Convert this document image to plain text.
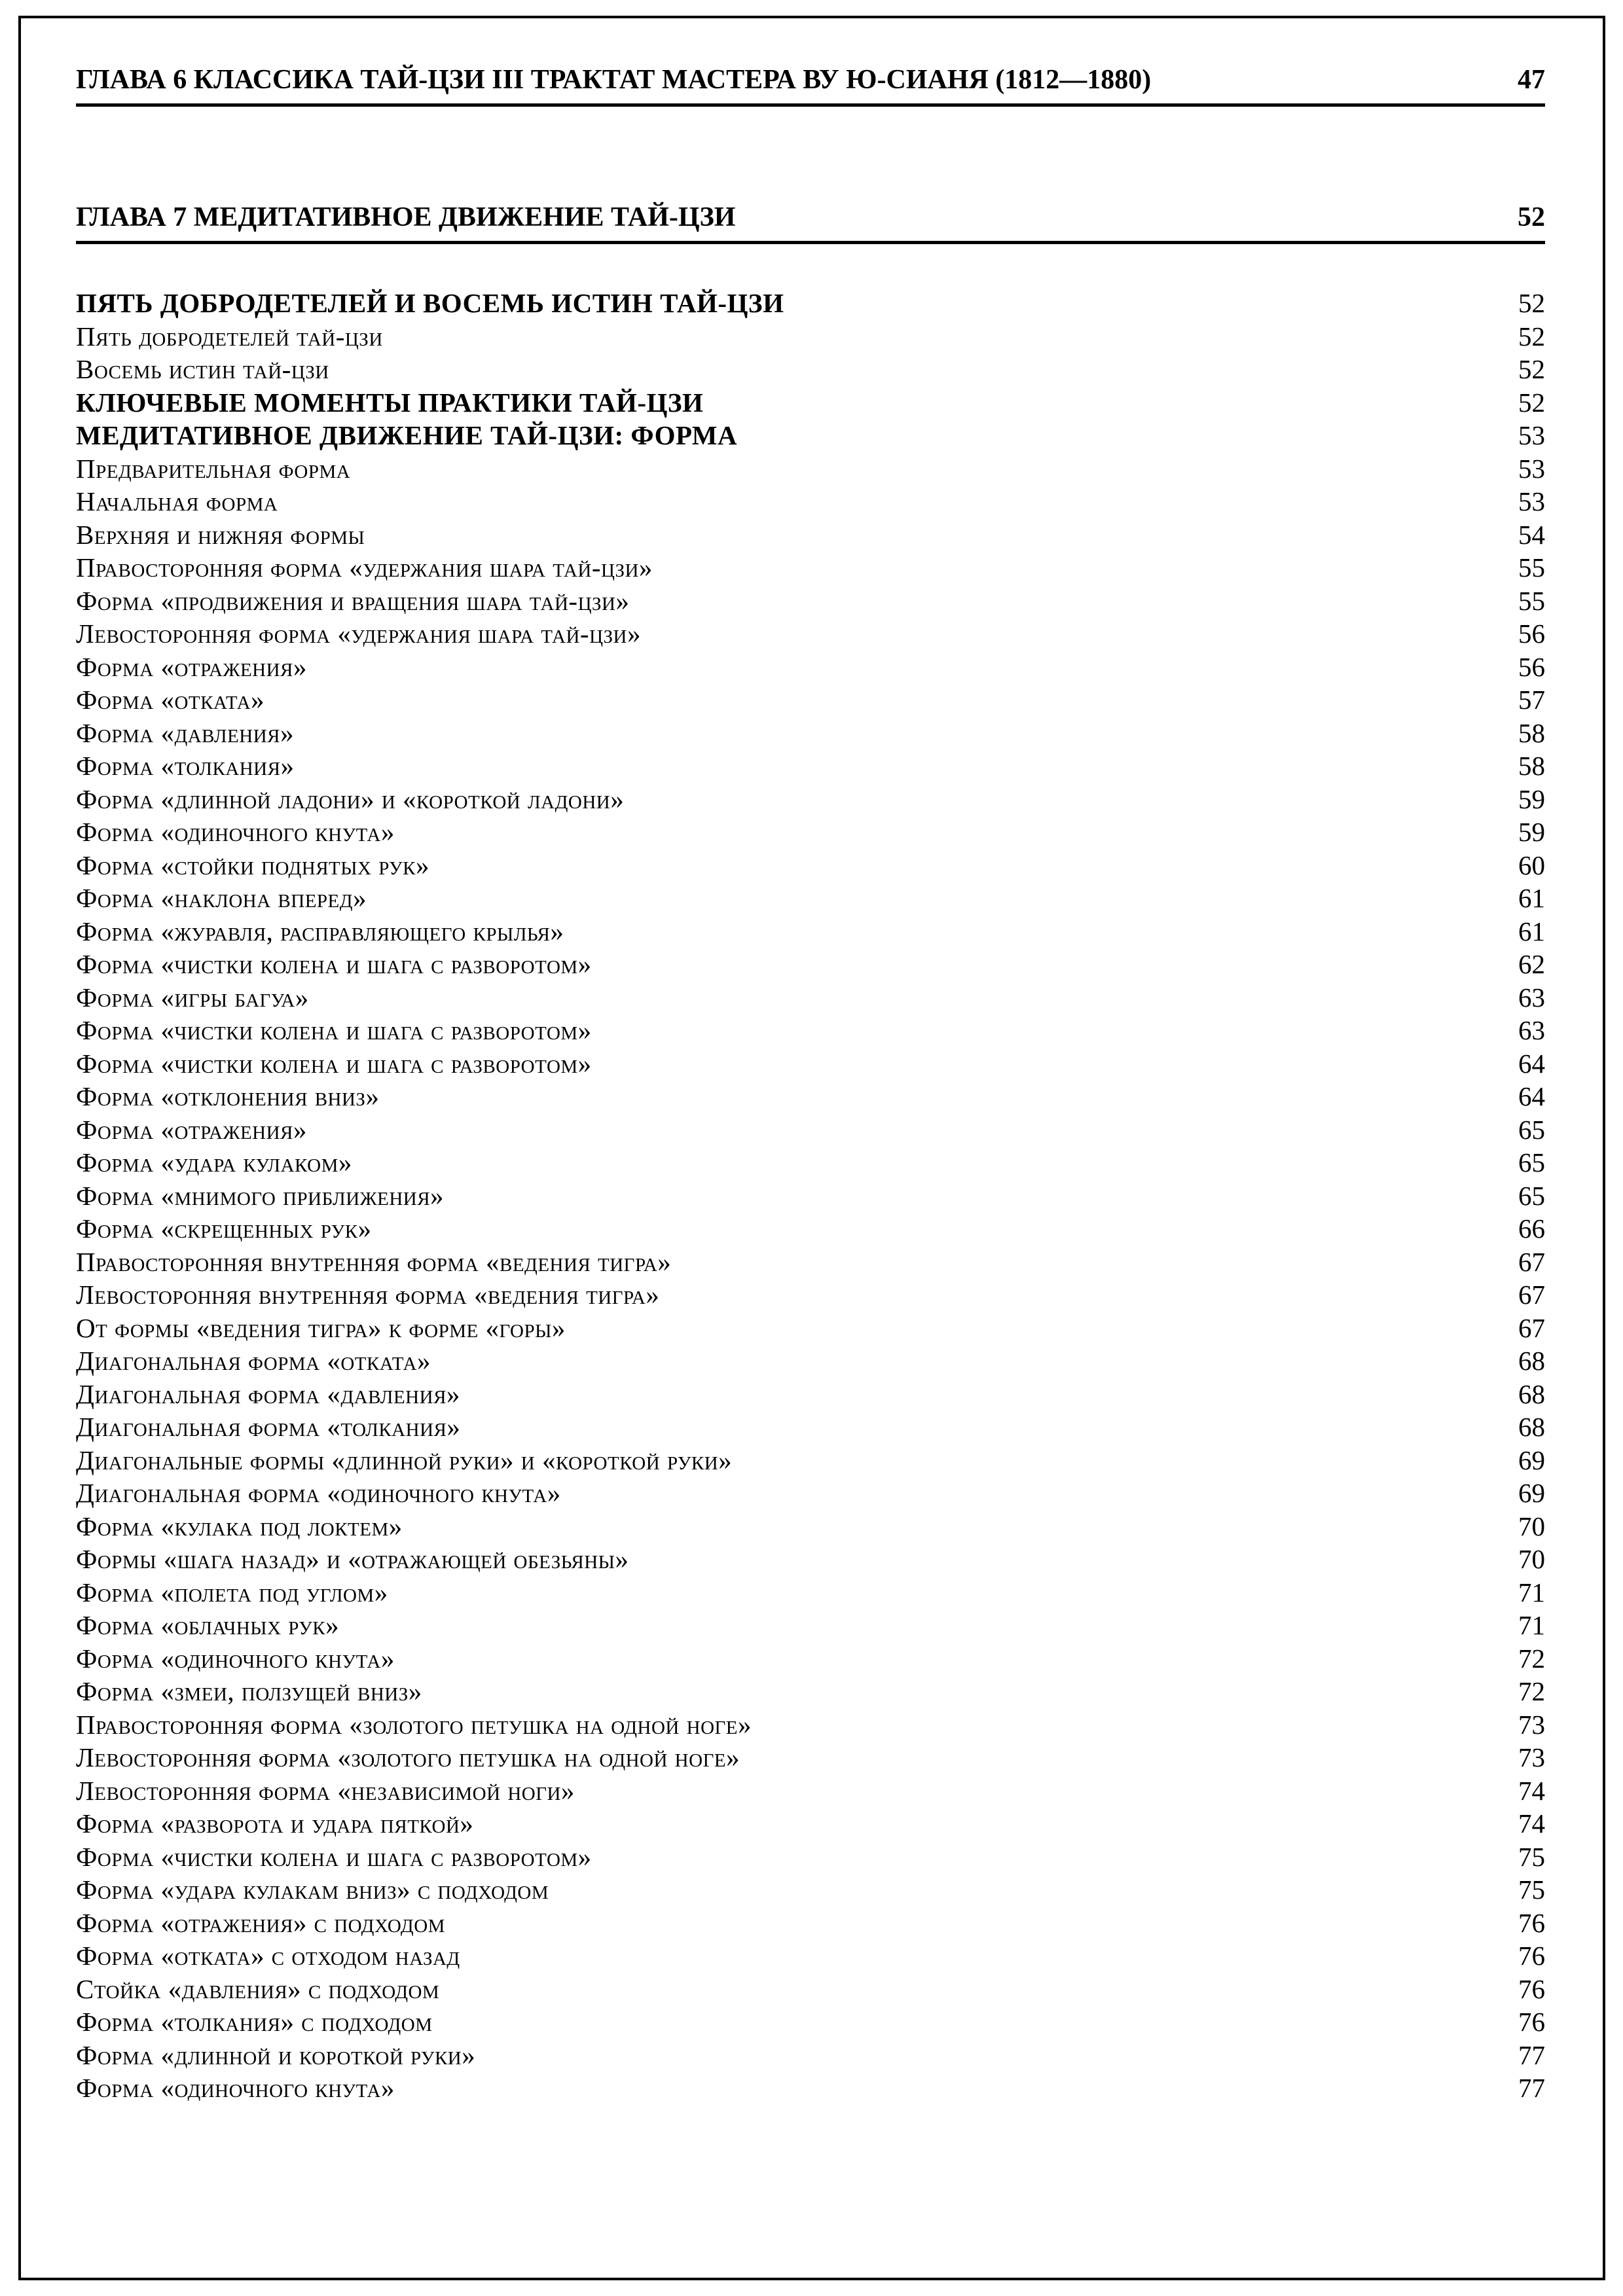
ГЛАВА 6 КЛАССИКА ТАЙ-ЦЗИ III ТРАКТАТ МАСТЕРА ВУ Ю-СИАНЯ (1812—1880)	47
ГЛАВА 7 МЕДИТАТИВНОЕ ДВИЖЕНИЕ ТАЙ-ЦЗИ	52
ПЯТЬ ДОБРОДЕТЕЛЕЙ И ВОСЕМЬ ИСТИН ТАЙ-ЦЗИ	52
Пять добродетелей тай-цзи	52
Восемь истин тай-цзи	52
КЛЮЧЕВЫЕ МОМЕНТЫ ПРАКТИКИ ТАЙ-ЦЗИ	52
МЕДИТАТИВНОЕ ДВИЖЕНИЕ ТАЙ-ЦЗИ: ФОРМА	53
Предварительная форма	53
Начальная форма	53
Верхняя и нижняя формы	54
Правосторонняя форма «удержания шара тай-цзи»	55
Форма «продвижения и вращения шара тай-цзи»	55
Левосторонняя форма «удержания шара тай-цзи»	56
Форма «отражения»	56
Форма «отката»	57
Форма «давления»	58
Форма «толкания»	58
Форма «длинной ладони» и «короткой ладони»	59
Форма «одиночного кнута»	59
Форма «стойки поднятых рук»	60
Форма «наклона вперед»	61
Форма «журавля, расправляющего крылья»	61
Форма «чистки колена и шага с разворотом»	62
Форма «игры багуа»	63
Форма «чистки колена и шага с разворотом»	63
Форма «чистки колена и шага с разворотом»	64
Форма «отклонения вниз»	64
Форма «отражения»	65
Форма «удара кулаком»	65
Форма «мнимого приближения»	65
Форма «скрещенных рук»	66
Правосторонняя внутренняя форма «ведения тигра»	67
Левосторонняя внутренняя форма «ведения тигра»	67
От формы «ведения тигра» к форме «горы»	67
Диагональная форма «отката»	68
Диагональная форма «давления»	68
Диагональная форма «толкания»	68
Диагональные формы «длинной руки» и «короткой руки»	69
Диагональная форма «одиночного кнута»	69
Форма «кулака под локтем»	70
Формы «шага назад» и «отражающей обезьяны»	70
Форма «полета под углом»	71
Форма «облачных рук»	71
Форма «одиночного кнута»	72
Форма «змеи, ползущей вниз»	72
Правосторонняя форма «золотого петушка на одной ноге»	73
Левосторонняя форма «золотого петушка на одной ноге»	73
Левосторонняя форма «независимой ноги»	74
Форма «разворота и удара пяткой»	74
Форма «чистки колена и шага с разворотом»	75
Форма «удара кулакам вниз» с подходом	75
Форма «отражения» с подходом	76
Форма «отката» с отходом назад	76
Стойка «давления» с подходом	76
Форма «толкания» с подходом	76
Форма «длинной и короткой руки»	77
Форма «одиночного кнута»	77
